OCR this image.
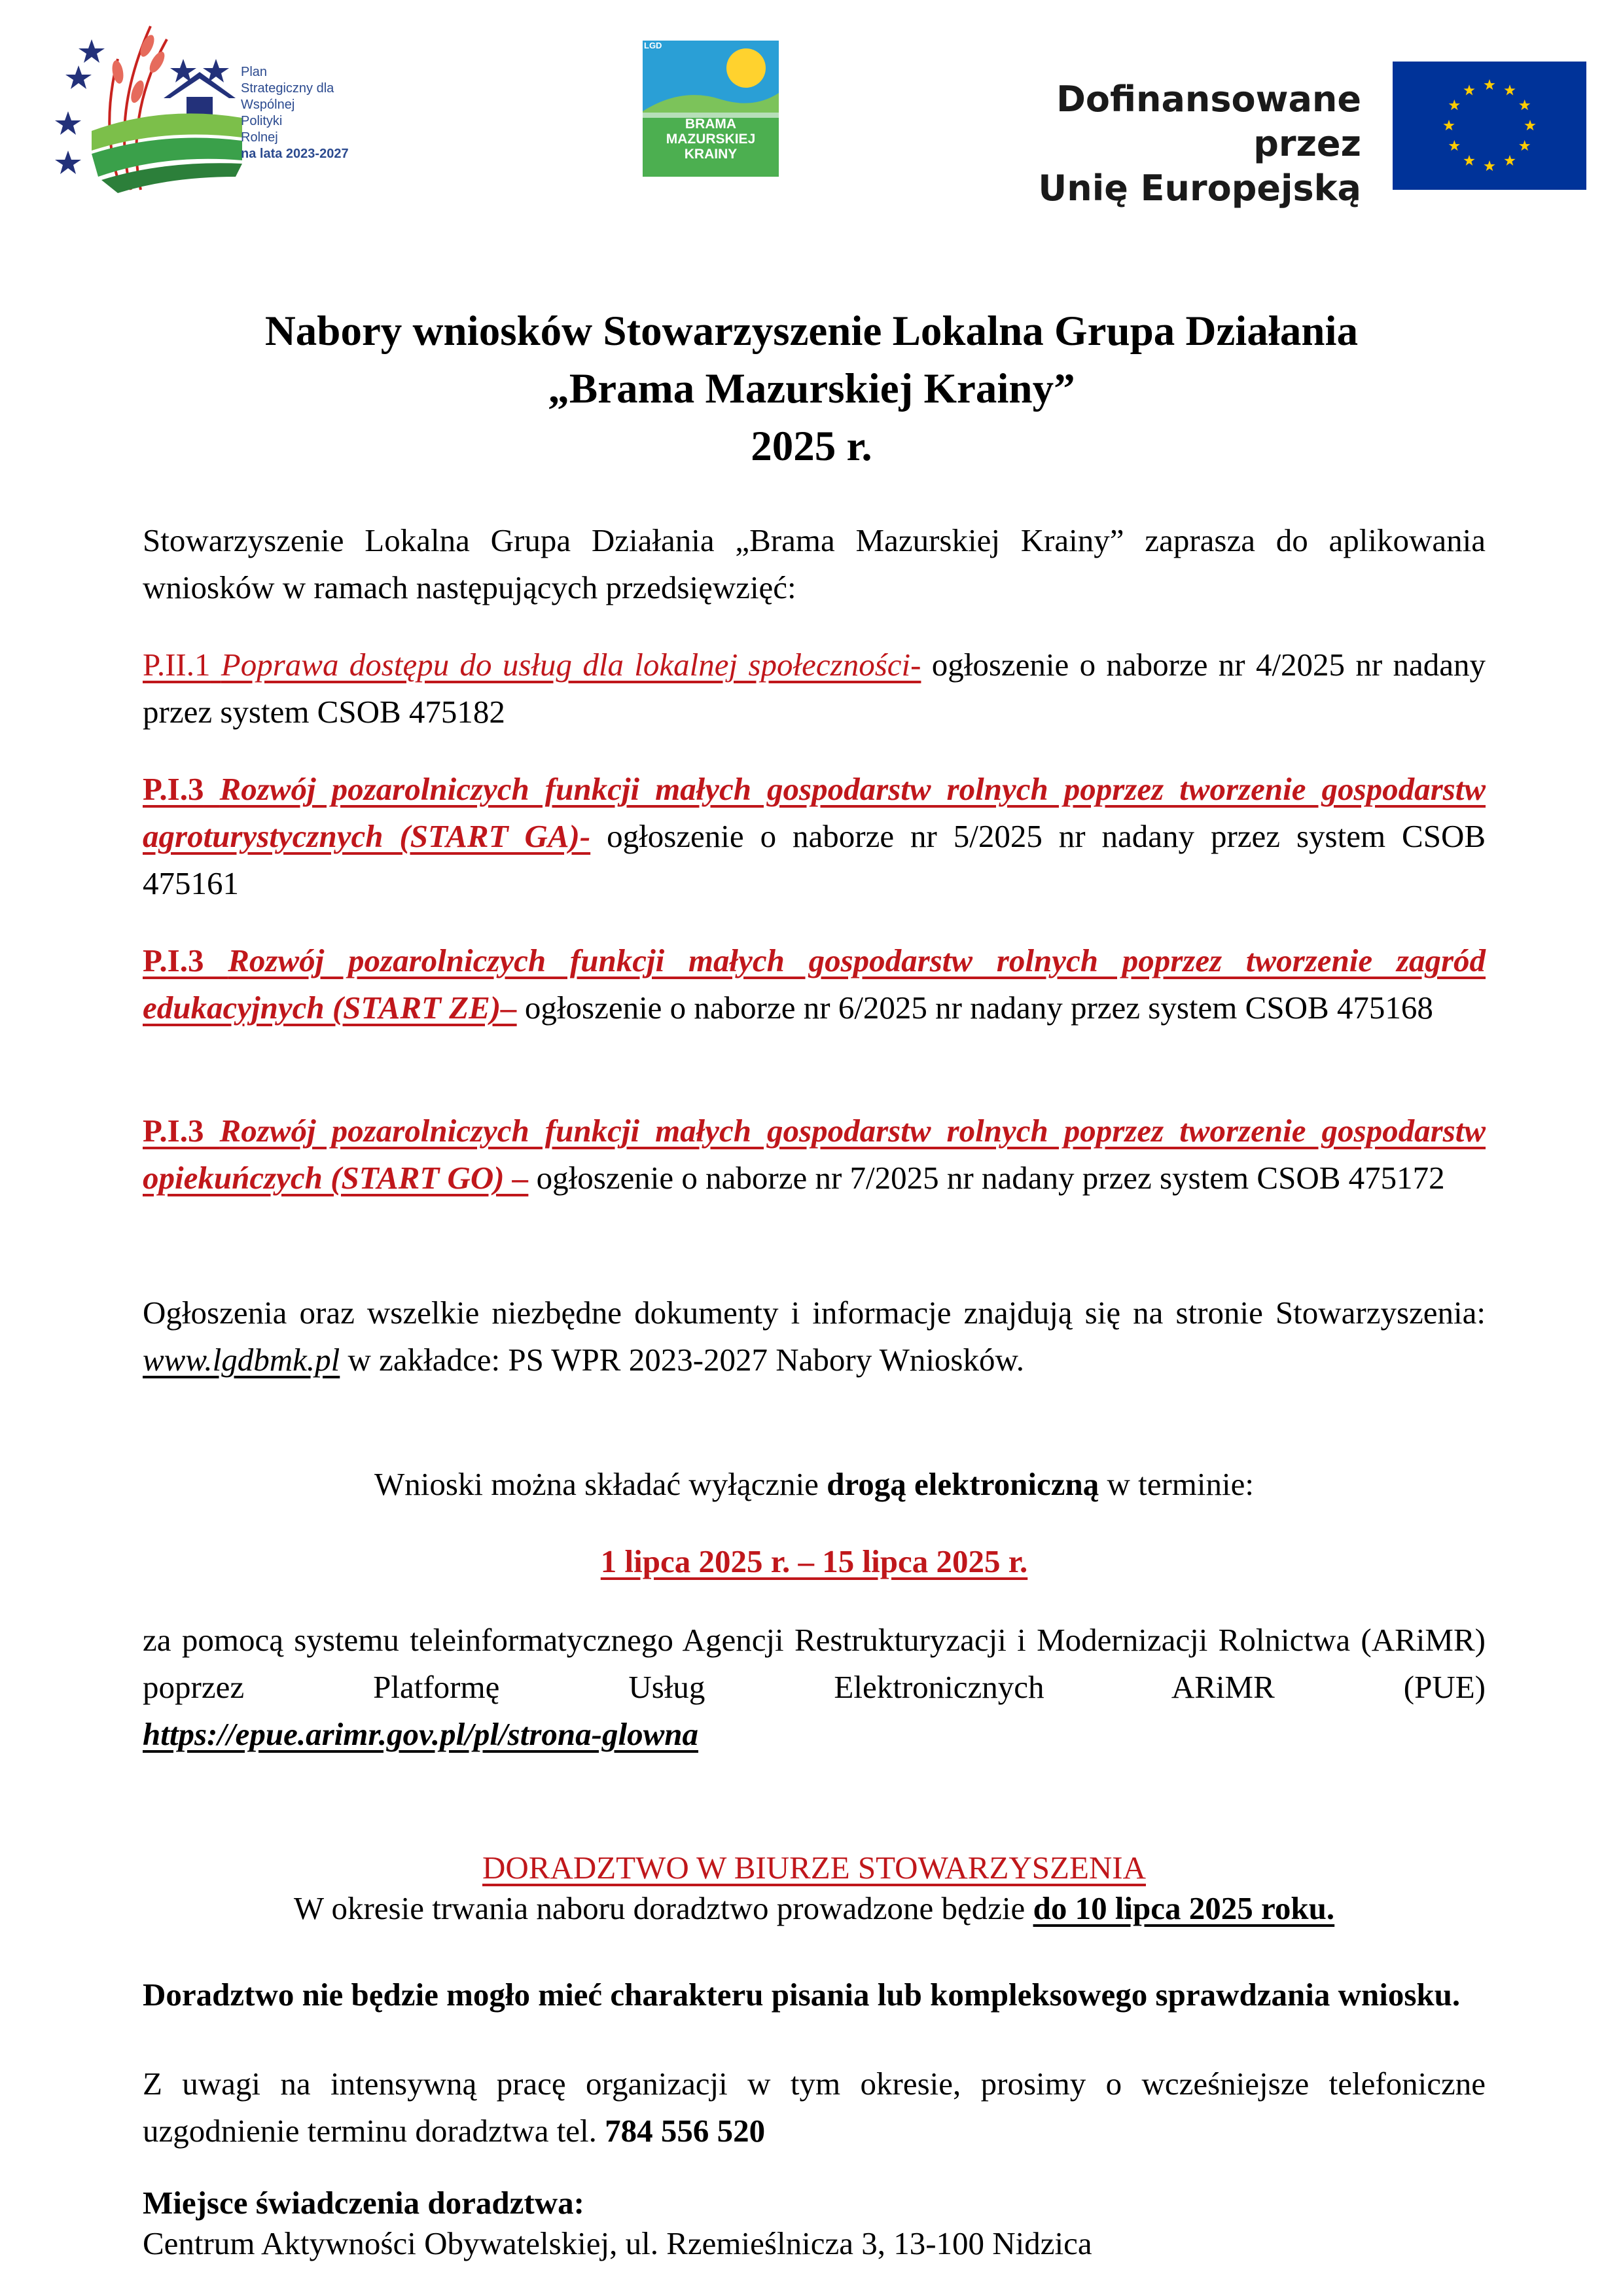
Plan
Strategiczny dla
Wspólnej
Polityki
Rolnej
na lata 2023-2027
LGD
BRAMA
MAZURSKIEJ
KRAINY
Dofinansowane przez
Unię Europejską
Nabory wniosków Stowarzyszenie Lokalna Grupa Działania
„Brama Mazurskiej Krainy”
2025 r.
Stowarzyszenie Lokalna Grupa Działania „Brama Mazurskiej Krainy” zaprasza do aplikowania wniosków w ramach następujących przedsięwzięć:
P.II.1 Poprawa dostępu do usług dla lokalnej społeczności- ogłoszenie o naborze nr 4/2025 nr nadany przez system CSOB 475182
P.I.3 Rozwój pozarolniczych funkcji małych gospodarstw rolnych poprzez tworzenie gospodarstw agroturystycznych (START GA)- ogłoszenie o naborze nr 5/2025 nr nadany przez system CSOB 475161
P.I.3 Rozwój pozarolniczych funkcji małych gospodarstw rolnych poprzez tworzenie zagród edukacyjnych (START ZE)– ogłoszenie o naborze nr 6/2025 nr nadany przez system CSOB 475168
P.I.3 Rozwój pozarolniczych funkcji małych gospodarstw rolnych poprzez tworzenie gospodarstw opiekuńczych (START GO) – ogłoszenie o naborze nr 7/2025 nr nadany przez system CSOB 475172
Ogłoszenia oraz wszelkie niezbędne dokumenty i informacje znajdują się na stronie Stowarzyszenia: www.lgdbmk.pl w zakładce: PS WPR 2023-2027 Nabory Wniosków.
Wnioski można składać wyłącznie drogą elektroniczną w terminie:
1 lipca 2025 r. – 15 lipca 2025 r.
za pomocą systemu teleinformatycznego Agencji Restrukturyzacji i Modernizacji Rolnictwa (ARiMR) poprzez Platformę Usług Elektronicznych ARiMR (PUE)
https://epue.arimr.gov.pl/pl/strona-glowna
DORADZTWO W BIURZE STOWARZYSZENIA
W okresie trwania naboru doradztwo prowadzone będzie do 10 lipca 2025 roku.
Doradztwo nie będzie mogło mieć charakteru pisania lub kompleksowego sprawdzania wniosku.
Z uwagi na intensywną pracę organizacji w tym okresie, prosimy o wcześniejsze telefoniczne uzgodnienie terminu doradztwa tel. 784 556 520
Miejsce świadczenia doradztwa:
Centrum Aktywności Obywatelskiej, ul. Rzemieślnicza 3, 13-100 Nidzica
